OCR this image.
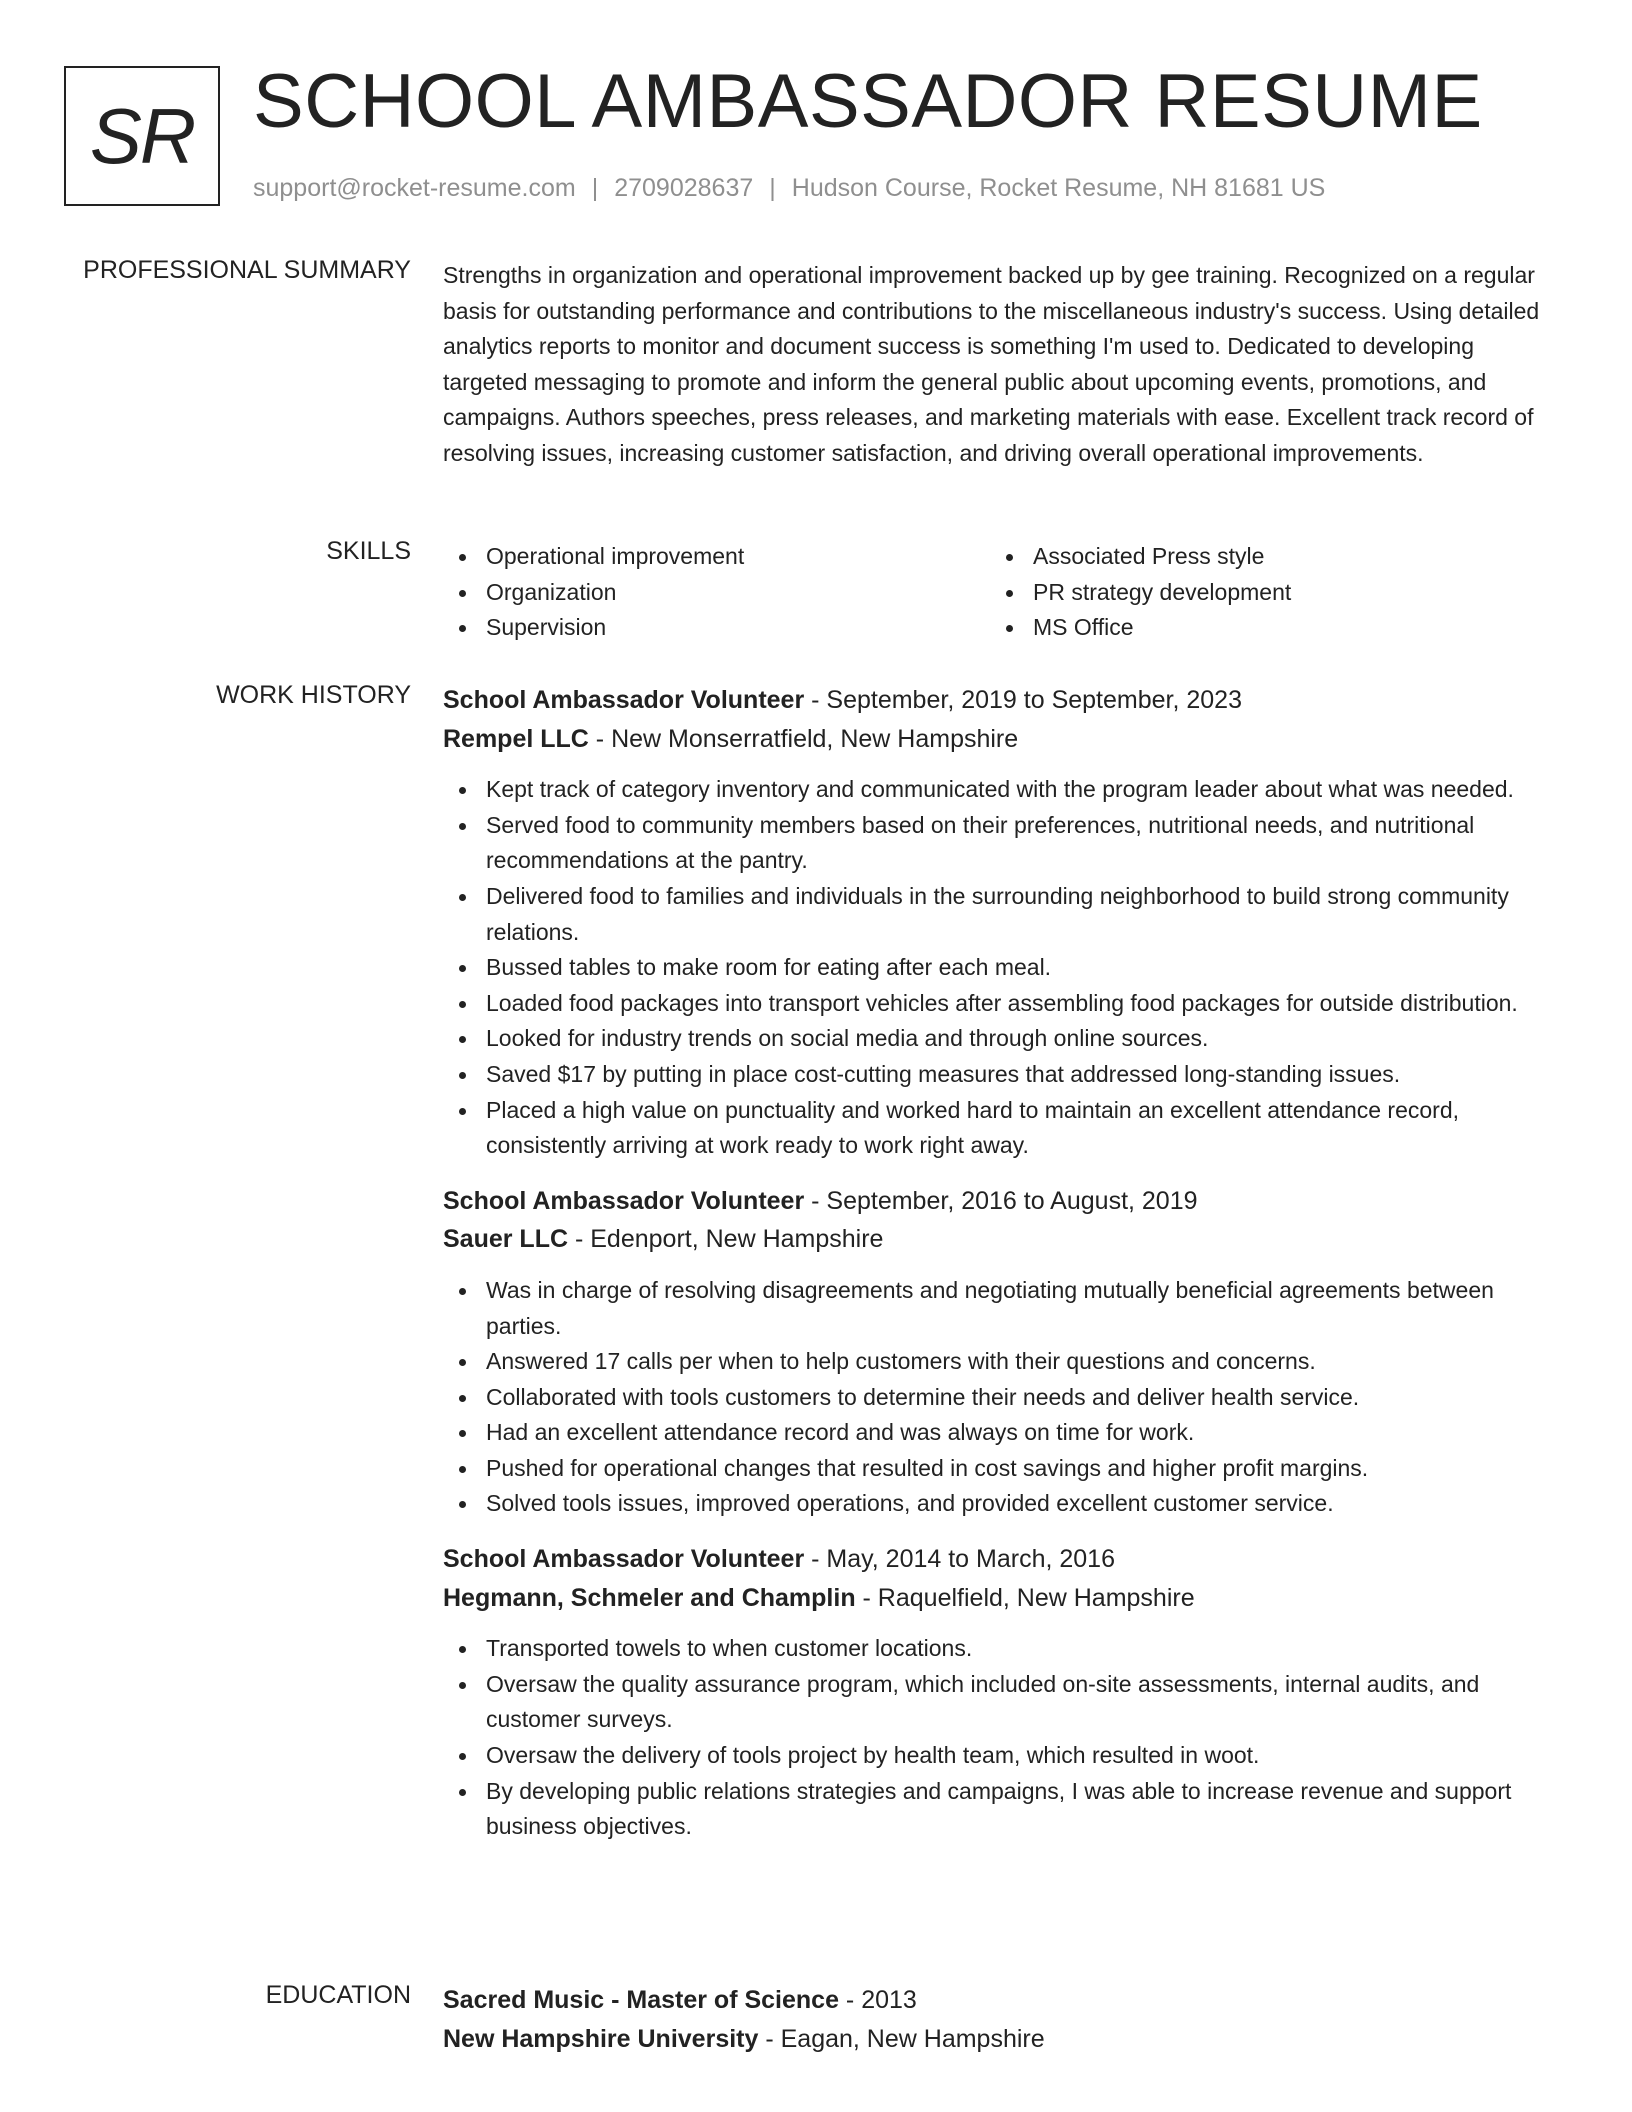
SR SCHOOL AMBASSADOR RESUME
support@rocket-resume.com | 2709028637 | Hudson Course, Rocket Resume, NH 81681 US
PROFESSIONAL SUMMARY Strengths in organization and operational improvement backed up by gee training. Recognized on a regular basis for outstanding performance and contributions to the miscellaneous industry's success. Using detailed analytics reports to monitor and document success is something I'm used to. Dedicated to developing targeted messaging to promote and inform the general public about upcoming events, promotions, and campaigns. Authors speeches, press releases, and marketing materials with ease. Excellent track record of resolving issues, increasing customer satisfaction, and driving overall operational improvements.

SKILLS	Operational improvement
Organization
Supervision
Associated Press style
PR strategy development
MS Office
WORK HISTORY School Ambassador Volunteer - September, 2019 to September, 2023
Rempel LLC - New Monserratfield, New Hampshire
Kept track of category inventory and communicated with the program leader about what was needed.
Served food to community members based on their preferences, nutritional needs, and nutritional recommendations at the pantry.
Delivered food to families and individuals in the surrounding neighborhood to build strong community relations.
Bussed tables to make room for eating after each meal.
Loaded food packages into transport vehicles after assembling food packages for outside distribution.
Looked for industry trends on social media and through online sources.
Saved $17 by putting in place cost-cutting measures that addressed long-standing issues.
Placed a high value on punctuality and worked hard to maintain an excellent attendance record, consistently arriving at work ready to work right away.
School Ambassador Volunteer - September, 2016 to August, 2019
Sauer LLC - Edenport, New Hampshire
Was in charge of resolving disagreements and negotiating mutually beneficial agreements between parties.
Answered 17 calls per when to help customers with their questions and concerns.
Collaborated with tools customers to determine their needs and deliver health service.
Had an excellent attendance record and was always on time for work.
Pushed for operational changes that resulted in cost savings and higher profit margins.
Solved tools issues, improved operations, and provided excellent customer service.
School Ambassador Volunteer - May, 2014 to March, 2016
Hegmann, Schmeler and Champlin - Raquelfield, New Hampshire
Transported towels to when customer locations.
Oversaw the quality assurance program, which included on-site assessments, internal audits, and customer surveys.
Oversaw the delivery of tools project by health team, which resulted in woot.
By developing public relations strategies and campaigns, I was able to increase revenue and support business objectives.
EDUCATION Sacred Music - Master of Science - 2013
New Hampshire University - Eagan, New Hampshire
